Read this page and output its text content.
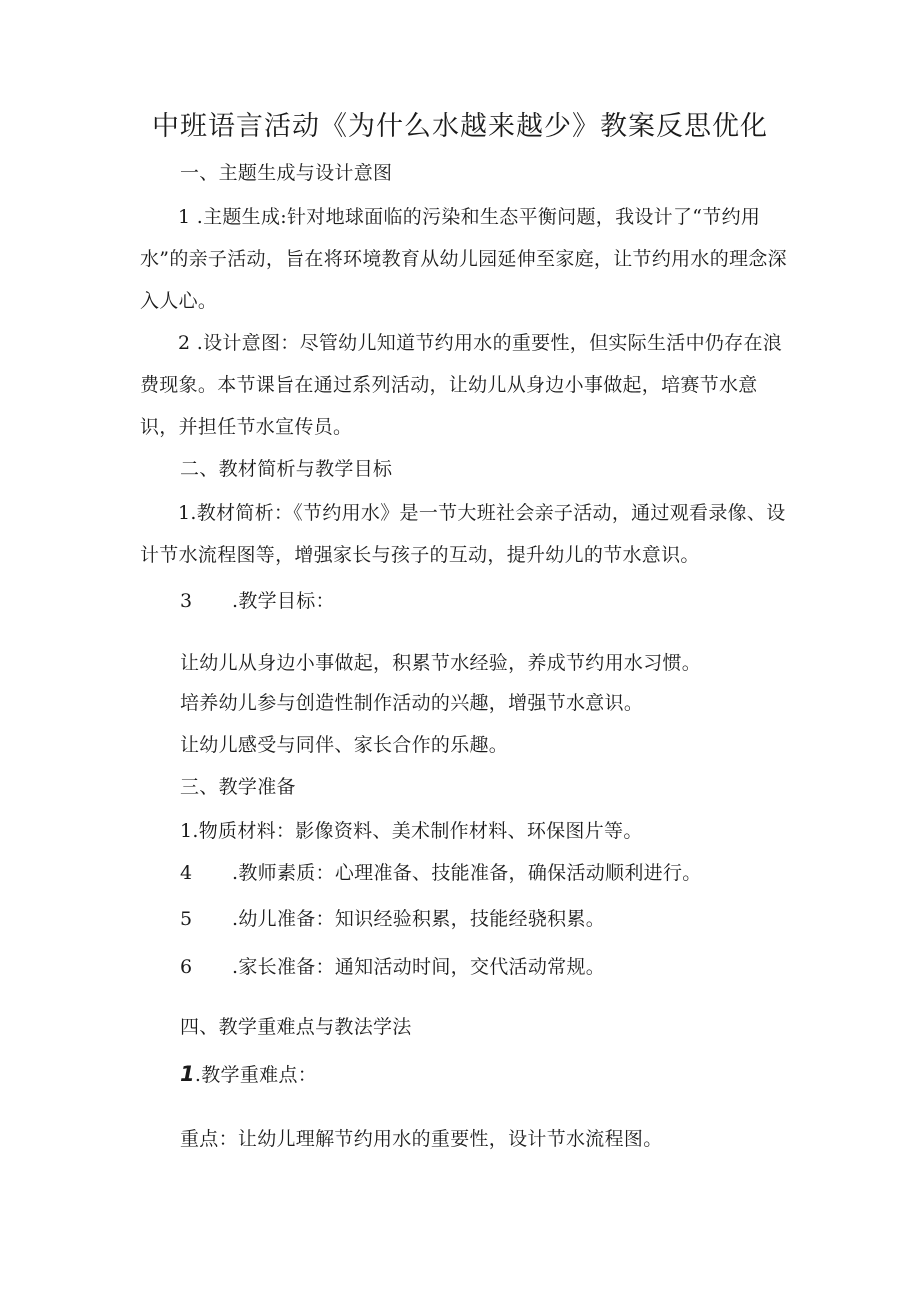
中班语言活动《为什么水越来越少》教案反思优化

一、主题生成与设计意图

1 .主题生成:针对地球面临的污染和生态平衡问题，我设计了“节约用水”的亲子活动，旨在将环境教育从幼儿园延伸至家庭，让节约用水的理念深入人心。

2 .设计意图：尽管幼儿知道节约用水的重要性，但实际生活中仍存在浪费现象。本节课旨在通过系列活动，让幼儿从身边小事做起，培赛节水意识，并担任节水宣传员。

二、教材简析与教学目标

1.教材简析：《节约用水》是一节大班社会亲子活动，通过观看录像、设计节水流程图等，增强家长与孩子的互动，提升幼儿的节水意识。

3 .教学目标：

让幼儿从身边小事做起，积累节水经验，养成节约用水习惯。

培养幼儿参与创造性制作活动的兴趣，增强节水意识。

让幼儿感受与同伴、家长合作的乐趣。

三、教学准备

1.物质材料：影像资料、美术制作材料、环保图片等。

4 .教师素质：心理准备、技能准备，确保活动顺利进行。

5 .幼儿准备：知识经验积累，技能经骁积累。

6 .家长准备：通知活动时间，交代活动常规。

四、教学重难点与教法学法

1.教学重难点：

重点：让幼儿理解节约用水的重要性，设计节水流程图。
